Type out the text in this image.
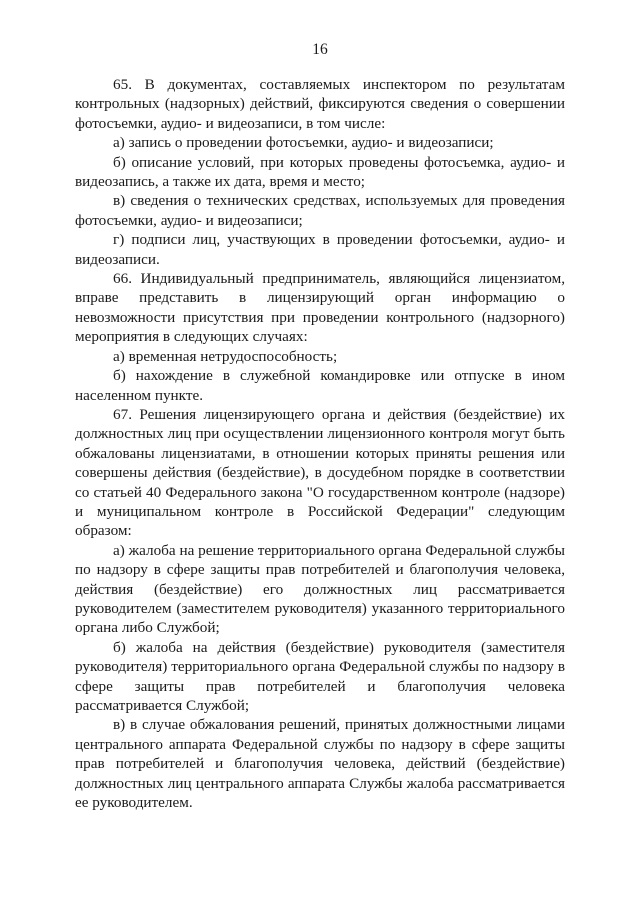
16

65. В документах, составляемых инспектором по результатам контрольных (надзорных) действий, фиксируются сведения о совершении фотосъемки, аудио- и видеозаписи, в том числе:

а) запись о проведении фотосъемки, аудио- и видеозаписи;

б) описание условий, при которых проведены фотосъемка, аудио- и видеозапись, а также их дата, время и место;

в) сведения о технических средствах, используемых для проведения фотосъемки, аудио- и видеозаписи;

г) подписи лиц, участвующих в проведении фотосъемки, аудио- и видеозаписи.

66. Индивидуальный предприниматель, являющийся лицензиатом, вправе представить в лицензирующий орган информацию о невозможности присутствия при проведении контрольного (надзорного) мероприятия в следующих случаях:

а) временная нетрудоспособность;

б) нахождение в служебной командировке или отпуске в ином населенном пункте.

67. Решения лицензирующего органа и действия (бездействие) их должностных лиц при осуществлении лицензионного контроля могут быть обжалованы лицензиатами, в отношении которых приняты решения или совершены действия (бездействие), в досудебном порядке в соответствии со статьей 40 Федерального закона "О государственном контроле (надзоре) и муниципальном контроле в Российской Федерации" следующим образом:

а) жалоба на решение территориального органа Федеральной службы по надзору в сфере защиты прав потребителей и благополучия человека, действия (бездействие) его должностных лиц рассматривается руководителем (заместителем руководителя) указанного территориального органа либо Службой;

б) жалоба на действия (бездействие) руководителя (заместителя руководителя) территориального органа Федеральной службы по надзору в сфере защиты прав потребителей и благополучия человека рассматривается Службой;

в) в случае обжалования решений, принятых должностными лицами центрального аппарата Федеральной службы по надзору в сфере защиты прав потребителей и благополучия человека, действий (бездействие) должностных лиц центрального аппарата Службы жалоба рассматривается ее руководителем.
